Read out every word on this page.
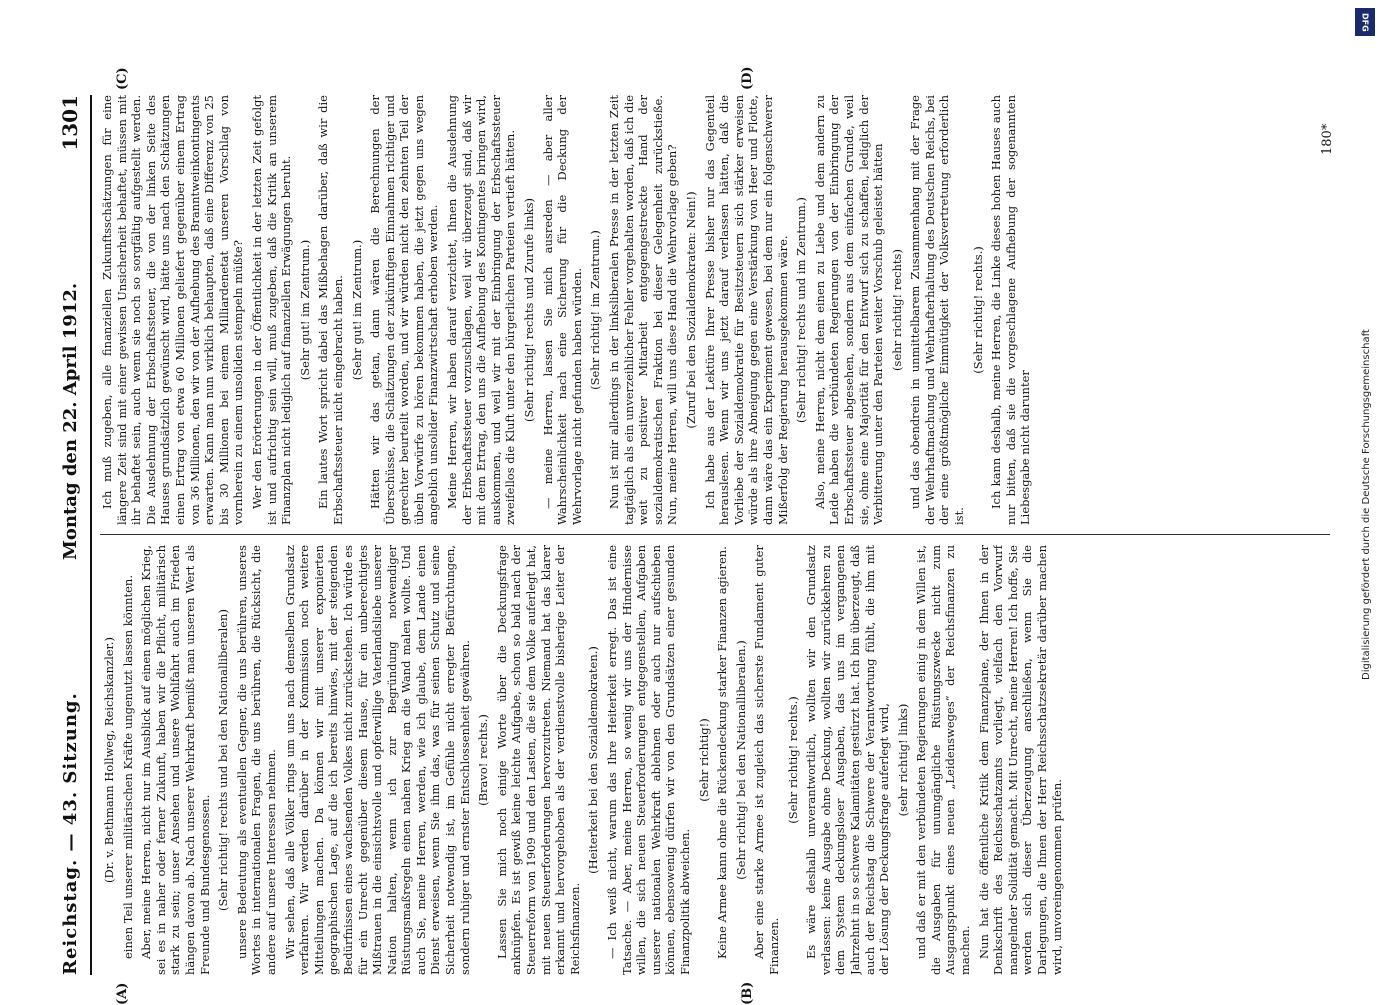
Reichstag. — 43. Sitzung.
Montag den 22. April 1912.
1301

(Dr. v. Bethmann Hollweg, Reichskanzler.) einen Teil unserer militärischen Kräfte ungenutzt lassen könnten. Aber, meine Herren, nicht nur im Ausblick auf einen möglichen Krieg, sei es in naher oder ferner Zukunft, haben wir die Pflicht, militärisch stark zu sein; unser Ansehen und unsere Wohlfahrt auch im Frieden hängen davon ab. Nach unserer Wehrkraft bemißt man unseren Wert als Freunde und Bundesgenossen. (Sehr richtig! rechts und bei den Nationalliberalen) unsere Bedeutung als eventuellen Gegner, die uns berühren, unseres Wortes in internationalen Fragen, die uns berühren, die Rücksicht, die andere auf unsere Interessen nehmen. Wir sehen, daß alle Völker rings um uns nach demselben Grundsatz verfahren. Wir werden darüber in der Kommission noch weitere Mitteilungen machen. Da können wir mit unserer exponierten geographischen Lage, auf die ich bereits hinwies, mit der steigenden Bedürfnissen eines wachsenden Volkes nicht zurückstehen. Ich würde es für ein Unrecht gegenüber diesem Hause, für ein unberechtigtes Mißtrauen in die einsichtsvolle und opferwillige Vaterlandsliebe unserer Nation halten, wenn ich zur Begründung notwendiger Rüstungsmaßregeln einen nahen Krieg an die Wand malen wollte. Und auch Sie, meine Herren, werden, wie ich glaube, dem Lande einen Dienst erweisen, wenn Sie ihm das, was für seinen Schutz und seine Sicherheit notwendig ist, im Gefühle nicht erregter Befürchtungen, sondern ruhiger und ernster Entschlossenheit gewähren. (Bravo! rechts.) Lassen Sie mich noch einige Worte über die Deckungsfrage anknüpfen. Es ist gewiß keine leichte Aufgabe, schon so bald nach der Steuerreform von 1909 und den Lasten, die sie dem Volke auferlegt hat, mit neuen Steuerforderungen hervorzutreten. Niemand hat das klarer erkannt und hervorgehoben als der verdienstvolle bisherige Leiter der Reichsfinanzen.

(Heiterkeit bei den Sozialdemokraten.) — Ich weiß nicht, warum das Ihre Heiterkeit erregt. Das ist eine Tatsache. — Aber, meine Herren, so wenig wir uns der Hindernisse willen, die sich neuen Steuerforderungen entgegenstellen, Aufgaben unserer nationalen Wehrkraft ablehnen oder auch nur aufschieben können, ebensowenig dürfen wir von den Grundsätzen einer gesunden Finanzpolitik abweichen.

(Sehr richtig!) Keine Armee kann ohne die Rückendeckung starker Finanzen agieren. (Sehr richtig! bei den Nationalliberalen.) Aber eine starke Armee ist zugleich das sicherste Fundament guter Finanzen.

(Sehr richtig! rechts.) Es wäre deshalb unverantwortlich, wollten wir den Grundsatz verlassen: keine Ausgabe ohne Deckung, wollten wir zurückkehren zu dem System deckungsloser Ausgaben, das uns im vergangenen Jahrzehnt in so schwere Kalamitäten gestürzt hat. Ich bin überzeugt, daß auch der Reichstag die Schwere der Verantwortung fühlt, die ihm mit der Lösung der Deckungsfrage auferlegt wird, (sehr richtig! links) und daß er mit den verbündeten Regierungen einig in dem Willen ist, die Ausgaben für unumgängliche Rüstungszwecke nicht zum Ausgangspunkt eines neuen „Leidensweges“ der Reichsfinanzen zu machen. Nun hat die öffentliche Kritik dem Finanzplane, der Ihnen in der Denkschrift des Reichsschatzamts vorliegt, vielfach den Vorwurf mangelnder Solidität gemacht. Mit Unrecht, meine Herren! Ich hoffe, Sie werden sich dieser Überzeugung anschließen, wenn Sie die Darlegungen, die Ihnen der Herr Reichsschatzsekretär darüber machen wird, unvoreingenommen prüfen.

Ich muß zugeben, alle finanziellen Zukunftsschätzungen für eine längere Zeit sind mit einer gewissen Unsicherheit behaftet, müssen mit ihr behaftet sein, auch wenn sie noch so sorgfältig aufgestellt werden. Die Ausdehnung der Erbschaftssteuer, die von der linken Seite des Hauses grundsätzlich gewünscht wird, hätte uns nach den Schätzungen einen Ertrag von etwa 60 Millionen geliefert gegenüber einem Ertrag von 36 Millionen, den wir von der Aufhebung des Branntweinkontingents erwarten. Kann man nun wirklich behaupten, daß eine Differenz von 25 bis 30 Millionen bei einem Milliardenetat unseren Vorschlag von vornherein zu einem unsoliden stempeln müßte? Wer den Erörterungen in der Öffentlichkeit in der letzten Zeit gefolgt ist und aufrichtig sein will, muß zugeben, daß die Kritik an unserem Finanzplan nicht lediglich auf finanziellen Erwägungen beruht. (Sehr gut! im Zentrum.) Ein lautes Wort spricht dabei das Mißbehagen darüber, daß wir die Erbschaftssteuer nicht eingebracht haben. (Sehr gut! im Zentrum.) Hätten wir das getan, dann wären die Berechnungen der Überschüsse, die Schätzungen der zukünftigen Einnahmen richtiger und gerechter beurteilt worden, und wir würden nicht den zehnten Teil der übeln Vorwürfe zu hören bekommen haben, die jetzt gegen uns wegen angeblich unsolider Finanzwirtschaft erhoben werden. Meine Herren, wir haben darauf verzichtet, Ihnen die Ausdehnung der Erbschaftssteuer vorzuschlagen, weil wir überzeugt sind, daß wir mit dem Ertrag, den uns die Aufhebung des Kontingentes bringen wird, auskommen, und weil wir mit der Einbringung der Erbschaftssteuer zweifellos die Kluft unter den bürgerlichen Parteien vertieft hätten. (Sehr richtig! rechts und Zurufe links) — meine Herren, lassen Sie mich ausreden — aber aller Wahrscheinlichkeit nach eine Sicherung für die Deckung der Wehrvorlage nicht gefunden haben würden. (Sehr richtig! im Zentrum.) Nun ist mir allerdings in der linksliberalen Presse in der letzten Zeit tagtäglich als ein unverzeihlicher Fehler vorgehalten worden, daß ich die weit zu positiver Mitarbeit entgegengestreckte Hand der sozialdemokratischen Fraktion bei dieser Gelegenheit zurückstieße. Nun, meine Herren, will uns diese Hand die Wehrvorlage geben? (Zuruf bei den Sozialdemokraten: Nein!) Ich habe aus der Lektüre Ihrer Presse bisher nur das Gegenteil herauslesen. Wenn wir uns jetzt darauf verlassen hätten, daß die Vorliebe der Sozialdemokratie für Besitzsteuern sich stärker erweisen würde als ihre Abneigung gegen eine Verstärkung von Heer und Flotte, dann wäre das ein Experiment gewesen, bei dem nur ein folgenschwerer Mißerfolg der Regierung herausgekommen wäre. (Sehr richtig! rechts und im Zentrum.) Also, meine Herren, nicht dem einen zu Liebe und dem andern zu Leide haben die verbündeten Regierungen von der Einbringung der Erbschaftssteuer abgesehen, sondern aus dem einfachen Grunde, weil sie, ohne eine Majorität für den Entwurf sich zu schaffen, lediglich der Verbitterung unter den Parteien weiter Vorschub geleistet hätten (sehr richtig! rechts) und das obendrein in unmittelbarem Zusammenhang mit der Frage der Wehrhaftmachung und Wehrhafterhaltung des Deutschen Reichs, bei der eine größtmögliche Einmütigkeit der Volksvertretung erforderlich ist.

(Sehr richtig! rechts.) Ich kann deshalb, meine Herren, die Linke dieses hohen Hauses auch nur bitten, daß sie die vorgeschlagene Aufhebung der sogenannten Liebesgabe nicht darunter

(A)	(B)
(C)	(D)
180*
DFG
Digitalisierung gefördert durch die Deutsche Forschungsgemeinschaft
